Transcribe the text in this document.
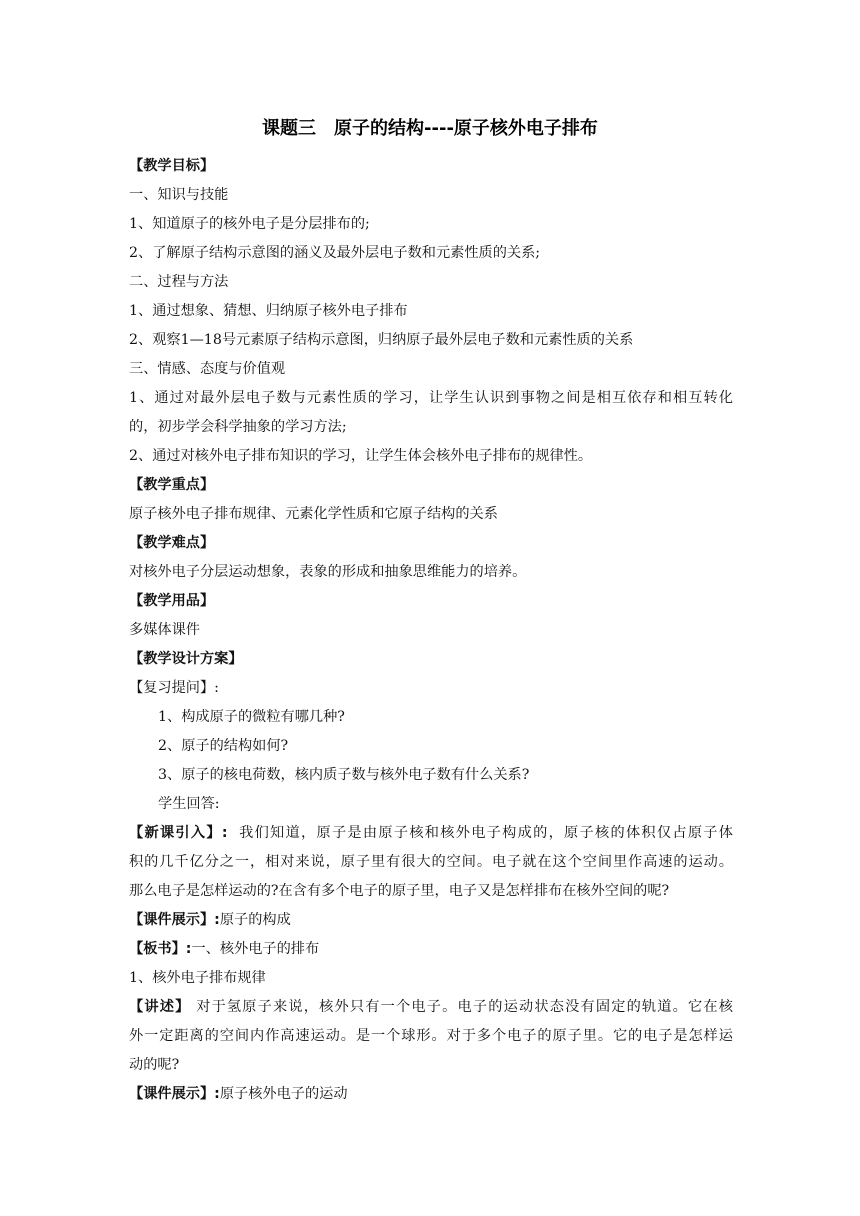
课题三　原子的结构----原子核外电子排布
【教学目标】
一、知识与技能
1、知道原子的核外电子是分层排布的;
2、了解原子结构示意图的涵义及最外层电子数和元素性质的关系;
二、过程与方法
1、通过想象、猜想、归纳原子核外电子排布
2、观察1—18号元素原子结构示意图，归纳原子最外层电子数和元素性质的关系
三、情感、态度与价值观
1、通过对最外层电子数与元素性质的学习，让学生认识到事物之间是相互依存和相互转化
的，初步学会科学抽象的学习方法;
2、通过对核外电子排布知识的学习，让学生体会核外电子排布的规律性。
【教学重点】
原子核外电子排布规律、元素化学性质和它原子结构的关系
【教学难点】
对核外电子分层运动想象，表象的形成和抽象思维能力的培养。
【教学用品】
多媒体课件
【教学设计方案】
【复习提问】:
1、构成原子的微粒有哪几种?
2、原子的结构如何?
3、原子的核电荷数，核内质子数与核外电子数有什么关系?
学生回答:
【新课引入】: 我们知道，原子是由原子核和核外电子构成的，原子核的体积仅占原子体
积的几千亿分之一，相对来说，原子里有很大的空间。电子就在这个空间里作高速的运动。
那么电子是怎样运动的?在含有多个电子的原子里，电子又是怎样排布在核外空间的呢?
【课件展示】:原子的构成
【板书】:一、核外电子的排布
1、核外电子排布规律
【讲述】 对于氢原子来说，核外只有一个电子。电子的运动状态没有固定的轨道。它在核
外一定距离的空间内作高速运动。是一个球形。对于多个电子的原子里。它的电子是怎样运
动的呢?
【课件展示】:原子核外电子的运动
